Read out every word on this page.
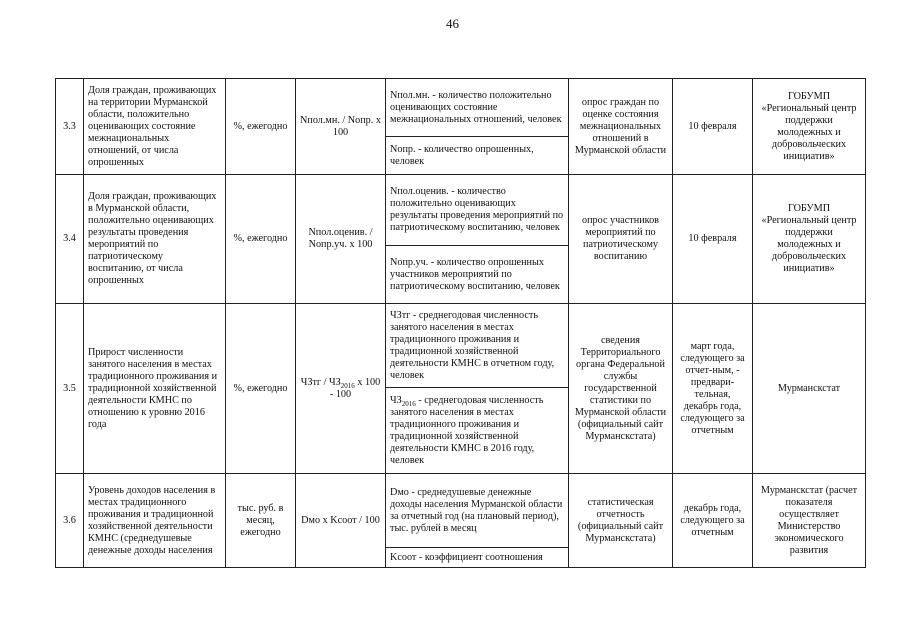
46
3.3	Доля граждан, проживающих на территории Мурманской области, положительно оценивающих состояние межнациональных отношений, от числа опрошенных	%, ежегодно	Nпол.мн. / Nопр. х 100	Nпол.мн. - количество положительно оценивающих состояние межнациональных отношений, человек	опрос граждан по оценке состояния межнациональных отношений в Мурманской области	10 февраля	ГОБУМП «Региональный центр поддержки молодежных и добровольческих инициатив»
				Nопр. - количество опрошенных, человек			
3.4	Доля граждан, проживающих в Мурманской области, положительно оценивающих результаты проведения мероприятий по патриотическому воспитанию, от числа опрошенных	%, ежегодно	Nпол.оценив. / Nопр.уч. х 100	Nпол.оценив. - количество положительно оценивающих результаты проведения мероприятий по патриотическому воспитанию, человек	опрос участников мероприятий по патриотическому воспитанию	10 февраля	ГОБУМП «Региональный центр поддержки молодежных и добровольческих инициатив»
				Nопр.уч. - количество опрошенных участников мероприятий по патриотическому воспитанию, человек			
3.5	Прирост численности занятого населения в местах традиционного проживания и традиционной хозяйственной деятельности КМНС по отношению к уровню 2016 года	%, ежегодно	ЧЗтг / $ЧЗ_{2016}$ х 100 - 100	ЧЗтг - среднегодовая численность занятого населения в местах традиционного проживания и традиционной хозяйственной деятельности КМНС в отчетном году, человек	сведения Территориального органа Федеральной службы государственной статистики по Мурманской области (официальный сайт Мурманскстата)	март года, следующего за отчет-ным, - предвари-тельная, декабрь года, следующего за отчетным	Мурманскстат
				$ЧЗ_{2016}$ - среднегодовая численность занятого населения в местах традиционного проживания и традиционной хозяйственной деятельности КМНС в 2016 году, человек			
3.6	Уровень доходов населения в местах традиционного проживания и традиционной хозяйственной деятельности КМНС (среднедушевые денежные доходы населения	тыс. руб. в месяц, ежегодно	Dмо х Kсоот / 100	Dмо - среднедушевые денежные доходы населения Мурманской области за отчетный год (на плановый период), тыс. рублей в месяц	статистическая отчетность (официальный сайт Мурманскстата)	декабрь года, следующего за отчетным	Мурманскстат (расчет показателя осуществляет Министерство экономического развития
				Kсоот - коэффициент соотношения			
